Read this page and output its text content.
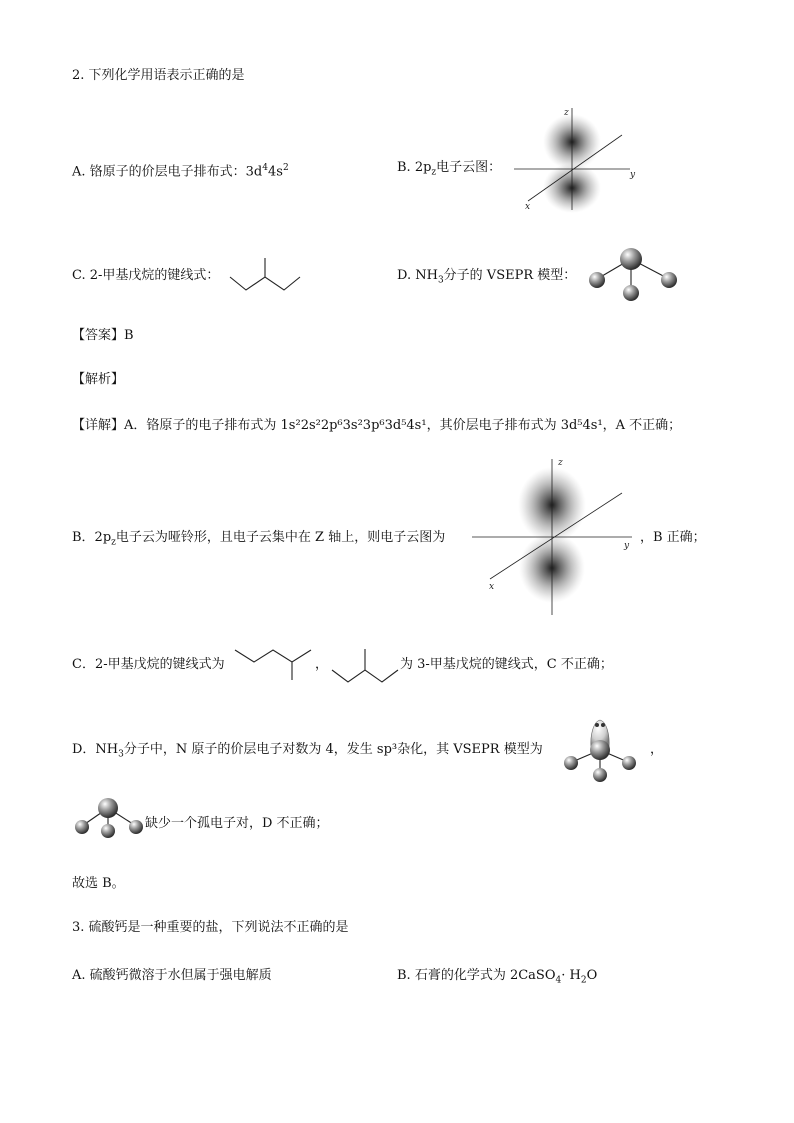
2. 下列化学用语表示正确的是
A. 铬原子的价层电子排布式：$3d^44s^2$	B. $2p_z$电子云图：
z
y
x
C. 2-甲基戊烷的键线式：	D. $NH_3$分子的 VSEPR 模型：
【答案】B
【解析】
【详解】A．铬原子的电子排布式为 1s²2s²2p⁶3s²3p⁶3d⁵4s¹，其价层电子排布式为 3d⁵4s¹，A 不正确；
B．$2p_z$电子云为哑铃形，且电子云集中在 Z 轴上，则电子云图为
z
y
x
，B 正确；
C．2-甲基戊烷的键线式为	，	为 3-甲基戊烷的键线式，C 不正确；
D．$NH_3$分子中，N 原子的价层电子对数为 4，发生 sp³杂化，其 VSEPR 模型为	，
缺少一个孤电子对，D 不正确；
故选 B。
3. 硫酸钙是一种重要的盐，下列说法不正确的是
A. 硫酸钙微溶于水但属于强电解质	B. 石膏的化学式为 2CaSO$_4$· $H_2O$
